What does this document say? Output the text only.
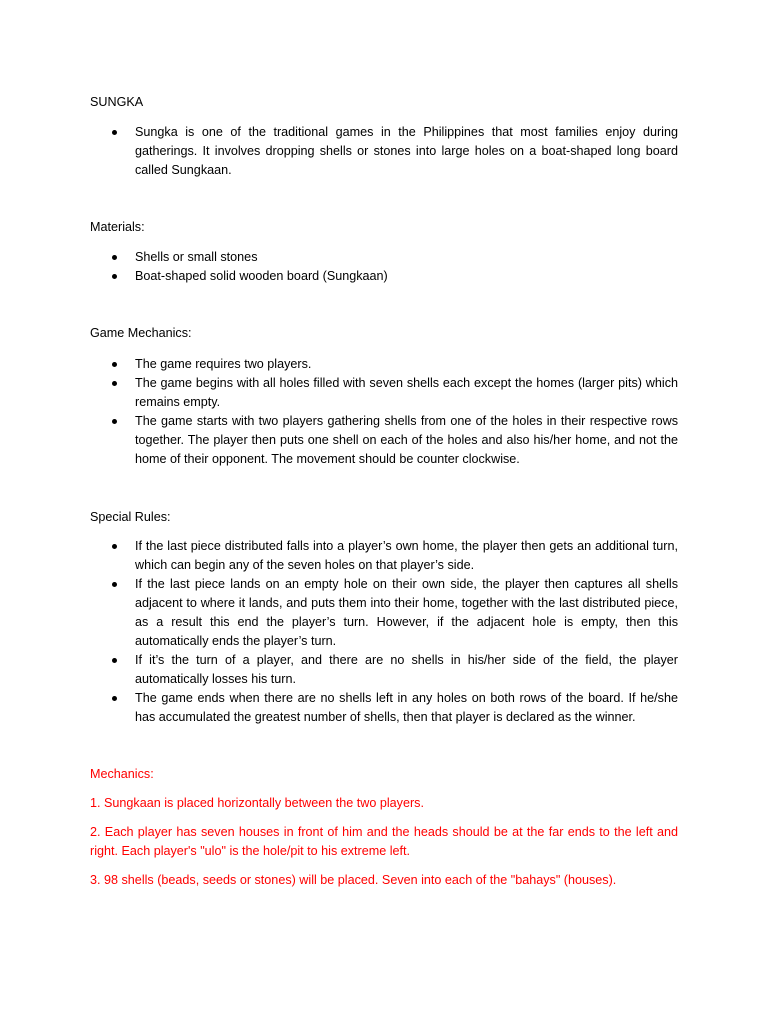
SUNGKA
Sungka is one of the traditional games in the Philippines that most families enjoy during gatherings. It involves dropping shells or stones into large holes on a boat-shaped long board called Sungkaan.
Materials:
Shells or small stones
Boat-shaped solid wooden board (Sungkaan)
Game Mechanics:
The game requires two players.
The game begins with all holes filled with seven shells each except the homes (larger pits) which remains empty.
The game starts with two players gathering shells from one of the holes in their respective rows together. The player then puts one shell on each of the holes and also his/her home, and not the home of their opponent. The movement should be counter clockwise.
Special Rules:
If the last piece distributed falls into a player’s own home, the player then gets an additional turn, which can begin any of the seven holes on that player’s side.
If the last piece lands on an empty hole on their own side, the player then captures all shells adjacent to where it lands, and puts them into their home, together with the last distributed piece, as a result this end the player’s turn. However, if the adjacent hole is empty, then this automatically ends the player’s turn.
If it’s the turn of a player, and there are no shells in his/her side of the field, the player automatically losses his turn.
The game ends when there are no shells left in any holes on both rows of the board. If he/she has accumulated the greatest number of shells, then that player is declared as the winner.

Mechanics:

1. Sungkaan is placed horizontally between the two players.

2. Each player has seven houses in front of him and the heads should be at the far ends to the left and right. Each player's "ulo" is the hole/pit to his extreme left.

3. 98 shells (beads, seeds or stones) will be placed. Seven into each of the "bahays" (houses).
